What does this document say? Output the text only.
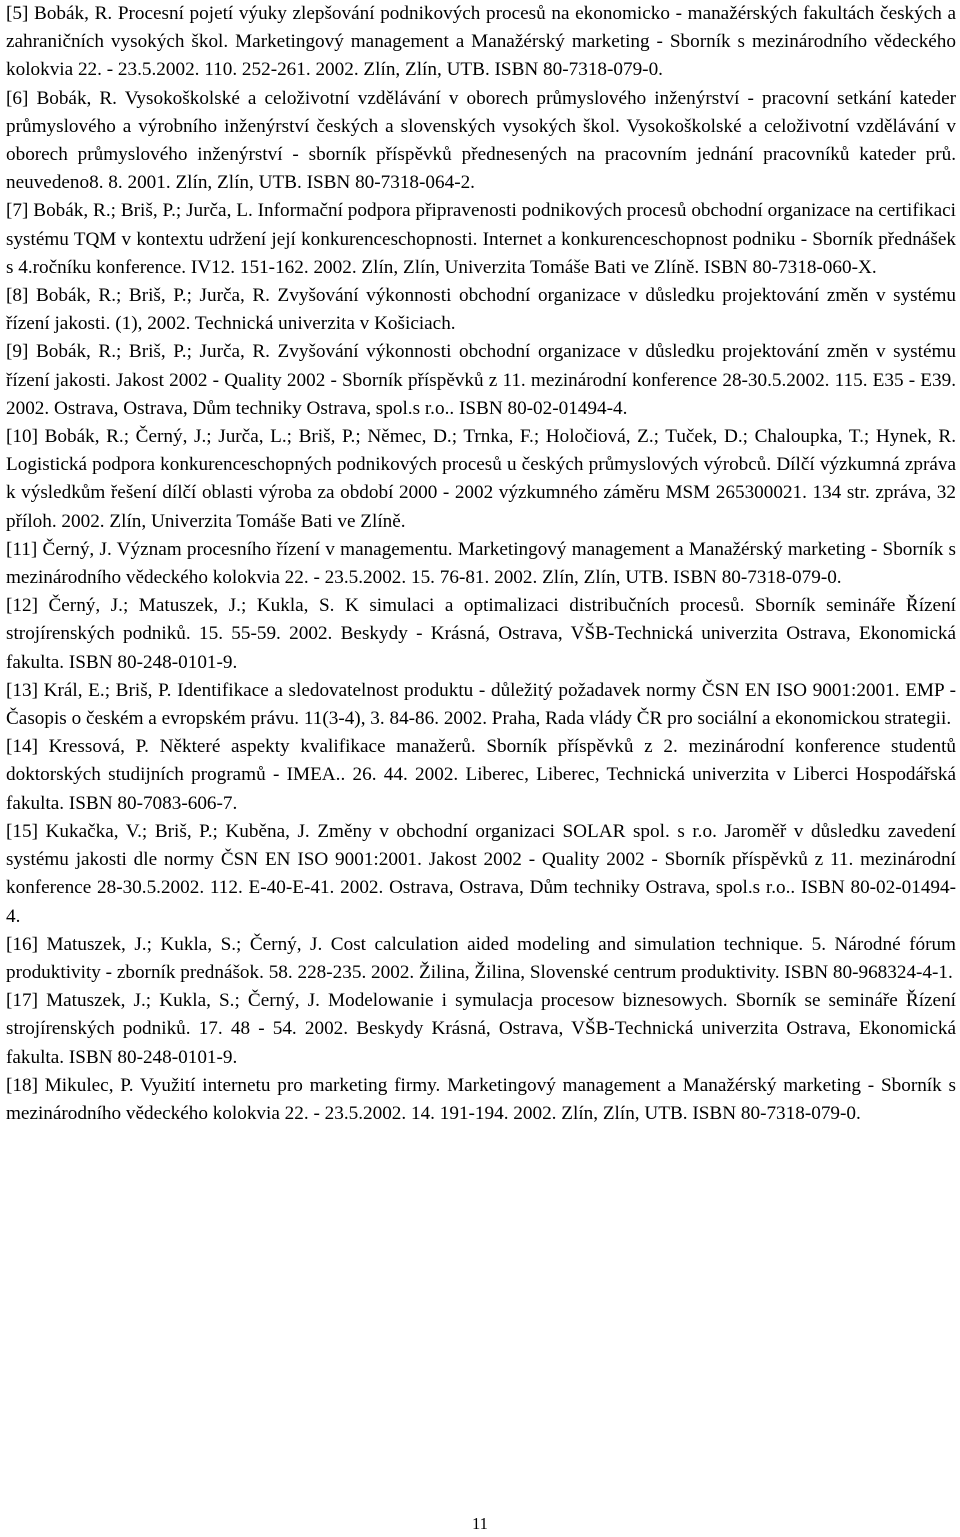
[5] Bobák, R. Procesní pojetí výuky zlepšování podnikových procesů na ekonomicko - manažérských fakultách českých a zahraničních vysokých škol. Marketingový management a Manažérský marketing - Sborník s mezinárodního vědeckého kolokvia 22. - 23.5.2002. 110. 252-261. 2002. Zlín, Zlín, UTB. ISBN 80-7318-079-0.

[6] Bobák, R. Vysokoškolské a celoživotní vzdělávání v oborech průmyslového inženýrství - pracovní setkání kateder průmyslového a výrobního inženýrství českých a slovenských vysokých škol. Vysokoškolské a celoživotní vzdělávání v oborech průmyslového inženýrství - sborník příspěvků přednesených na pracovním jednání pracovníků kateder prů. neuvedeno8. 8. 2001. Zlín, Zlín, UTB. ISBN 80-7318-064-2.

[7] Bobák, R.; Briš, P.; Jurča, L. Informační podpora připravenosti podnikových procesů obchodní organizace na certifikaci systému TQM v kontextu udržení její konkurenceschopnosti. Internet a konkurenceschopnost podniku - Sborník přednášek s 4.ročníku konference. IV12. 151-162. 2002. Zlín, Zlín, Univerzita Tomáše Bati ve Zlíně. ISBN 80-7318-060-X.

[8] Bobák, R.; Briš, P.; Jurča, R. Zvyšování výkonnosti obchodní organizace v důsledku projektování změn v systému řízení jakosti. (1), 2002. Technická univerzita v Košiciach.

[9] Bobák, R.; Briš, P.; Jurča, R. Zvyšování výkonnosti obchodní organizace v důsledku projektování změn v systému řízení jakosti. Jakost 2002 - Quality 2002 - Sborník příspěvků z 11. mezinárodní konference 28-30.5.2002. 115. E35 - E39. 2002. Ostrava, Ostrava, Dům techniky Ostrava, spol.s r.o.. ISBN 80-02-01494-4.

[10] Bobák, R.; Černý, J.; Jurča, L.; Briš, P.; Němec, D.; Trnka, F.; Holočiová, Z.; Tuček, D.; Chaloupka, T.; Hynek, R. Logistická podpora konkurenceschopných podnikových procesů u českých průmyslových výrobců. Dílčí výzkumná zpráva k výsledkům řešení dílčí oblasti výroba za období 2000 - 2002 výzkumného záměru MSM 265300021. 134 str. zpráva, 32 příloh. 2002. Zlín, Univerzita Tomáše Bati ve Zlíně.

[11] Černý, J. Význam procesního řízení v managementu. Marketingový management a Manažérský marketing - Sborník s mezinárodního vědeckého kolokvia 22. - 23.5.2002. 15. 76-81. 2002. Zlín, Zlín, UTB. ISBN 80-7318-079-0.

[12] Černý, J.; Matuszek, J.; Kukla, S. K simulaci a optimalizaci distribučních procesů. Sborník semináře Řízení strojírenských podniků. 15. 55-59. 2002. Beskydy - Krásná, Ostrava, VŠB-Technická univerzita Ostrava, Ekonomická fakulta. ISBN 80-248-0101-9.

[13] Král, E.; Briš, P. Identifikace a sledovatelnost produktu - důležitý požadavek normy ČSN EN ISO 9001:2001. EMP - Časopis o českém a evropském právu. 11(3-4), 3. 84-86. 2002. Praha, Rada vlády ČR pro sociální a ekonomickou strategii.

[14] Kressová, P. Některé aspekty kvalifikace manažerů. Sborník příspěvků z 2. mezinárodní konference studentů doktorských studijních programů - IMEA.. 26. 44. 2002. Liberec, Liberec, Technická univerzita v Liberci Hospodářská fakulta. ISBN 80-7083-606-7.

[15] Kukačka, V.; Briš, P.; Kuběna, J. Změny v obchodní organizaci SOLAR spol. s r.o. Jaroměř v důsledku zavedení systému jakosti dle normy ČSN EN ISO 9001:2001. Jakost 2002 - Quality 2002 - Sborník příspěvků z 11. mezinárodní konference 28-30.5.2002. 112. E-40-E-41. 2002. Ostrava, Ostrava, Dům techniky Ostrava, spol.s r.o.. ISBN 80-02-01494-4.

[16] Matuszek, J.; Kukla, S.; Černý, J. Cost calculation aided modeling and simulation technique. 5. Národné fórum produktivity - zborník prednášok. 58. 228-235. 2002. Žilina, Žilina, Slovenské centrum produktivity. ISBN 80-968324-4-1.

[17] Matuszek, J.; Kukla, S.; Černý, J. Modelowanie i symulacja procesow biznesowych. Sborník se semináře Řízení strojírenských podniků. 17. 48 - 54. 2002. Beskydy Krásná, Ostrava, VŠB-Technická univerzita Ostrava, Ekonomická fakulta. ISBN 80-248-0101-9.

[18] Mikulec, P. Využití internetu pro marketing firmy. Marketingový management a Manažérský marketing - Sborník s mezinárodního vědeckého kolokvia 22. - 23.5.2002. 14. 191-194. 2002. Zlín, Zlín, UTB. ISBN 80-7318-079-0.

11
